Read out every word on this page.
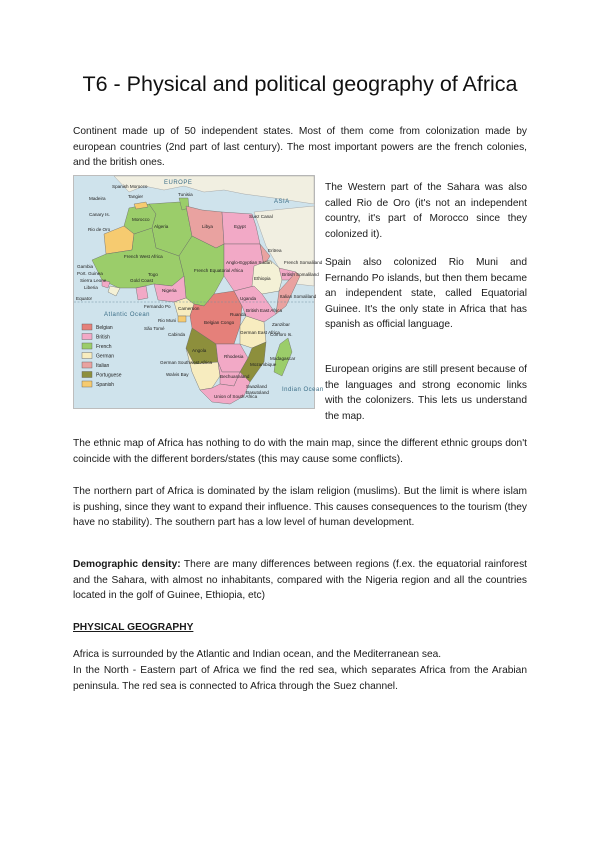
T6 - Physical and political geography of Africa

Continent made up of 50 independent states. Most of them come from colonization made by european countries (2nd part of last century). The most important powers are the french colonies, and the british ones.

EUROPE
ASIA
Atlantic Ocean
Indian Ocean
Equator
Spanish Morocco
Madeira	Tangier
Canary Is.
Tunisia
Rio de Oro
Morocco
Algeria	Libya	Egypt
Suez Canal
French West Africa
Gambia
Port. Guinea
Sierra Leone
Liberia
Gold Coast
Togo
Nigeria
French Equatorial Africa
Anglo-Egyptian Sudan
Eritrea
Ethiopia
French Somaliland
British Somaliland
Italian Somaliland
Fernando Po
Rio Muni
Cameroon
São Tomé
Cabinda
Belgian Congo
Uganda
British East Africa
Zanzibar
Ruanda
German East Africa
Comoro Is.
Angola
Rhodesia
Mozambique
Madagascar
German Southwest Africa
Bechuanaland
Walvis Bay
Swaziland
Basutoland
Union of South Africa
Belgian
British
French
German
Italian
Portuguese
Spanish

The Western part of the Sahara was also called Rio de Oro (it's not an independent country, it's part of Morocco since they colonized it).

Spain also colonized Rio Muni and Fernando Po islands, but then them became an independent state, called Equatorial Guinee. It's the only state in Africa that has spanish as official language.

European origins are still present because of the languages and strong economic links with the colonizers. This lets us understand the map.

The ethnic map of Africa has nothing to do with the main map, since the different ethnic groups don't coincide with the different borders/states (this may cause some conflicts).

The northern part of Africa is dominated by the islam religion (muslims). But the limit is where islam is pushing, since they want to expand their influence. This causes consequences to the tourism (they have no stability). The southern part has a low level of human development.

Demographic density: There are many differences between regions (f.ex. the equatorial rainforest and the Sahara, with almost no inhabitants, compared with the Nigeria region and all the countries located in the golf of Guinee, Ethiopia, etc)

PHYSICAL GEOGRAPHY

Africa is surrounded by the Atlantic and Indian ocean, and the Mediterranean sea.

In the North - Eastern part of Africa we find the red sea, which separates Africa from the Arabian peninsula. The red sea is connected to Africa through the Suez channel.
